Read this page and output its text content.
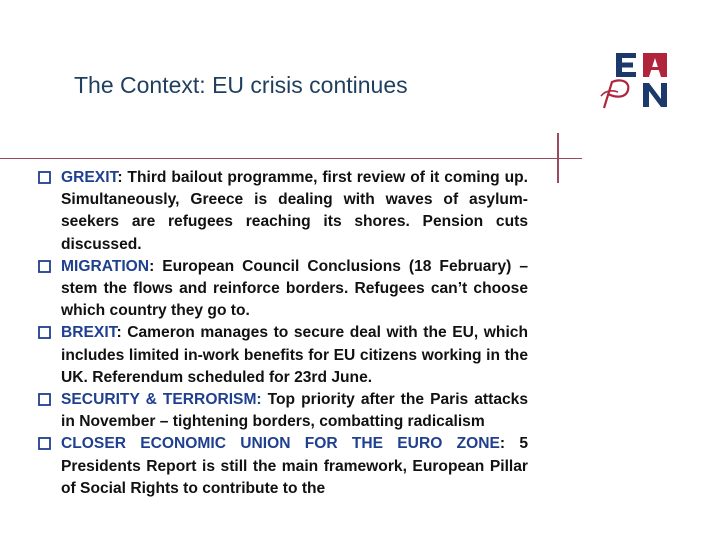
The Context: EU crisis continues
GREXIT: Third bailout programme, first review of it coming up. Simultaneously, Greece is dealing with waves of asylum-seekers are refugees reaching its shores. Pension cuts discussed.
MIGRATION: European Council Conclusions (18 February) – stem the flows and reinforce borders. Refugees can’t choose which country they go to.
BREXIT: Cameron manages to secure deal with the EU, which includes limited in-work benefits for EU citizens working in the UK. Referendum scheduled for 23rd June.
SECURITY & TERRORISM: Top priority after the Paris attacks in November – tightening borders, combatting radicalism
CLOSER ECONOMIC UNION FOR THE EURO ZONE: 5 Presidents Report is still the main framework, European Pillar of Social Rights to contribute to the
